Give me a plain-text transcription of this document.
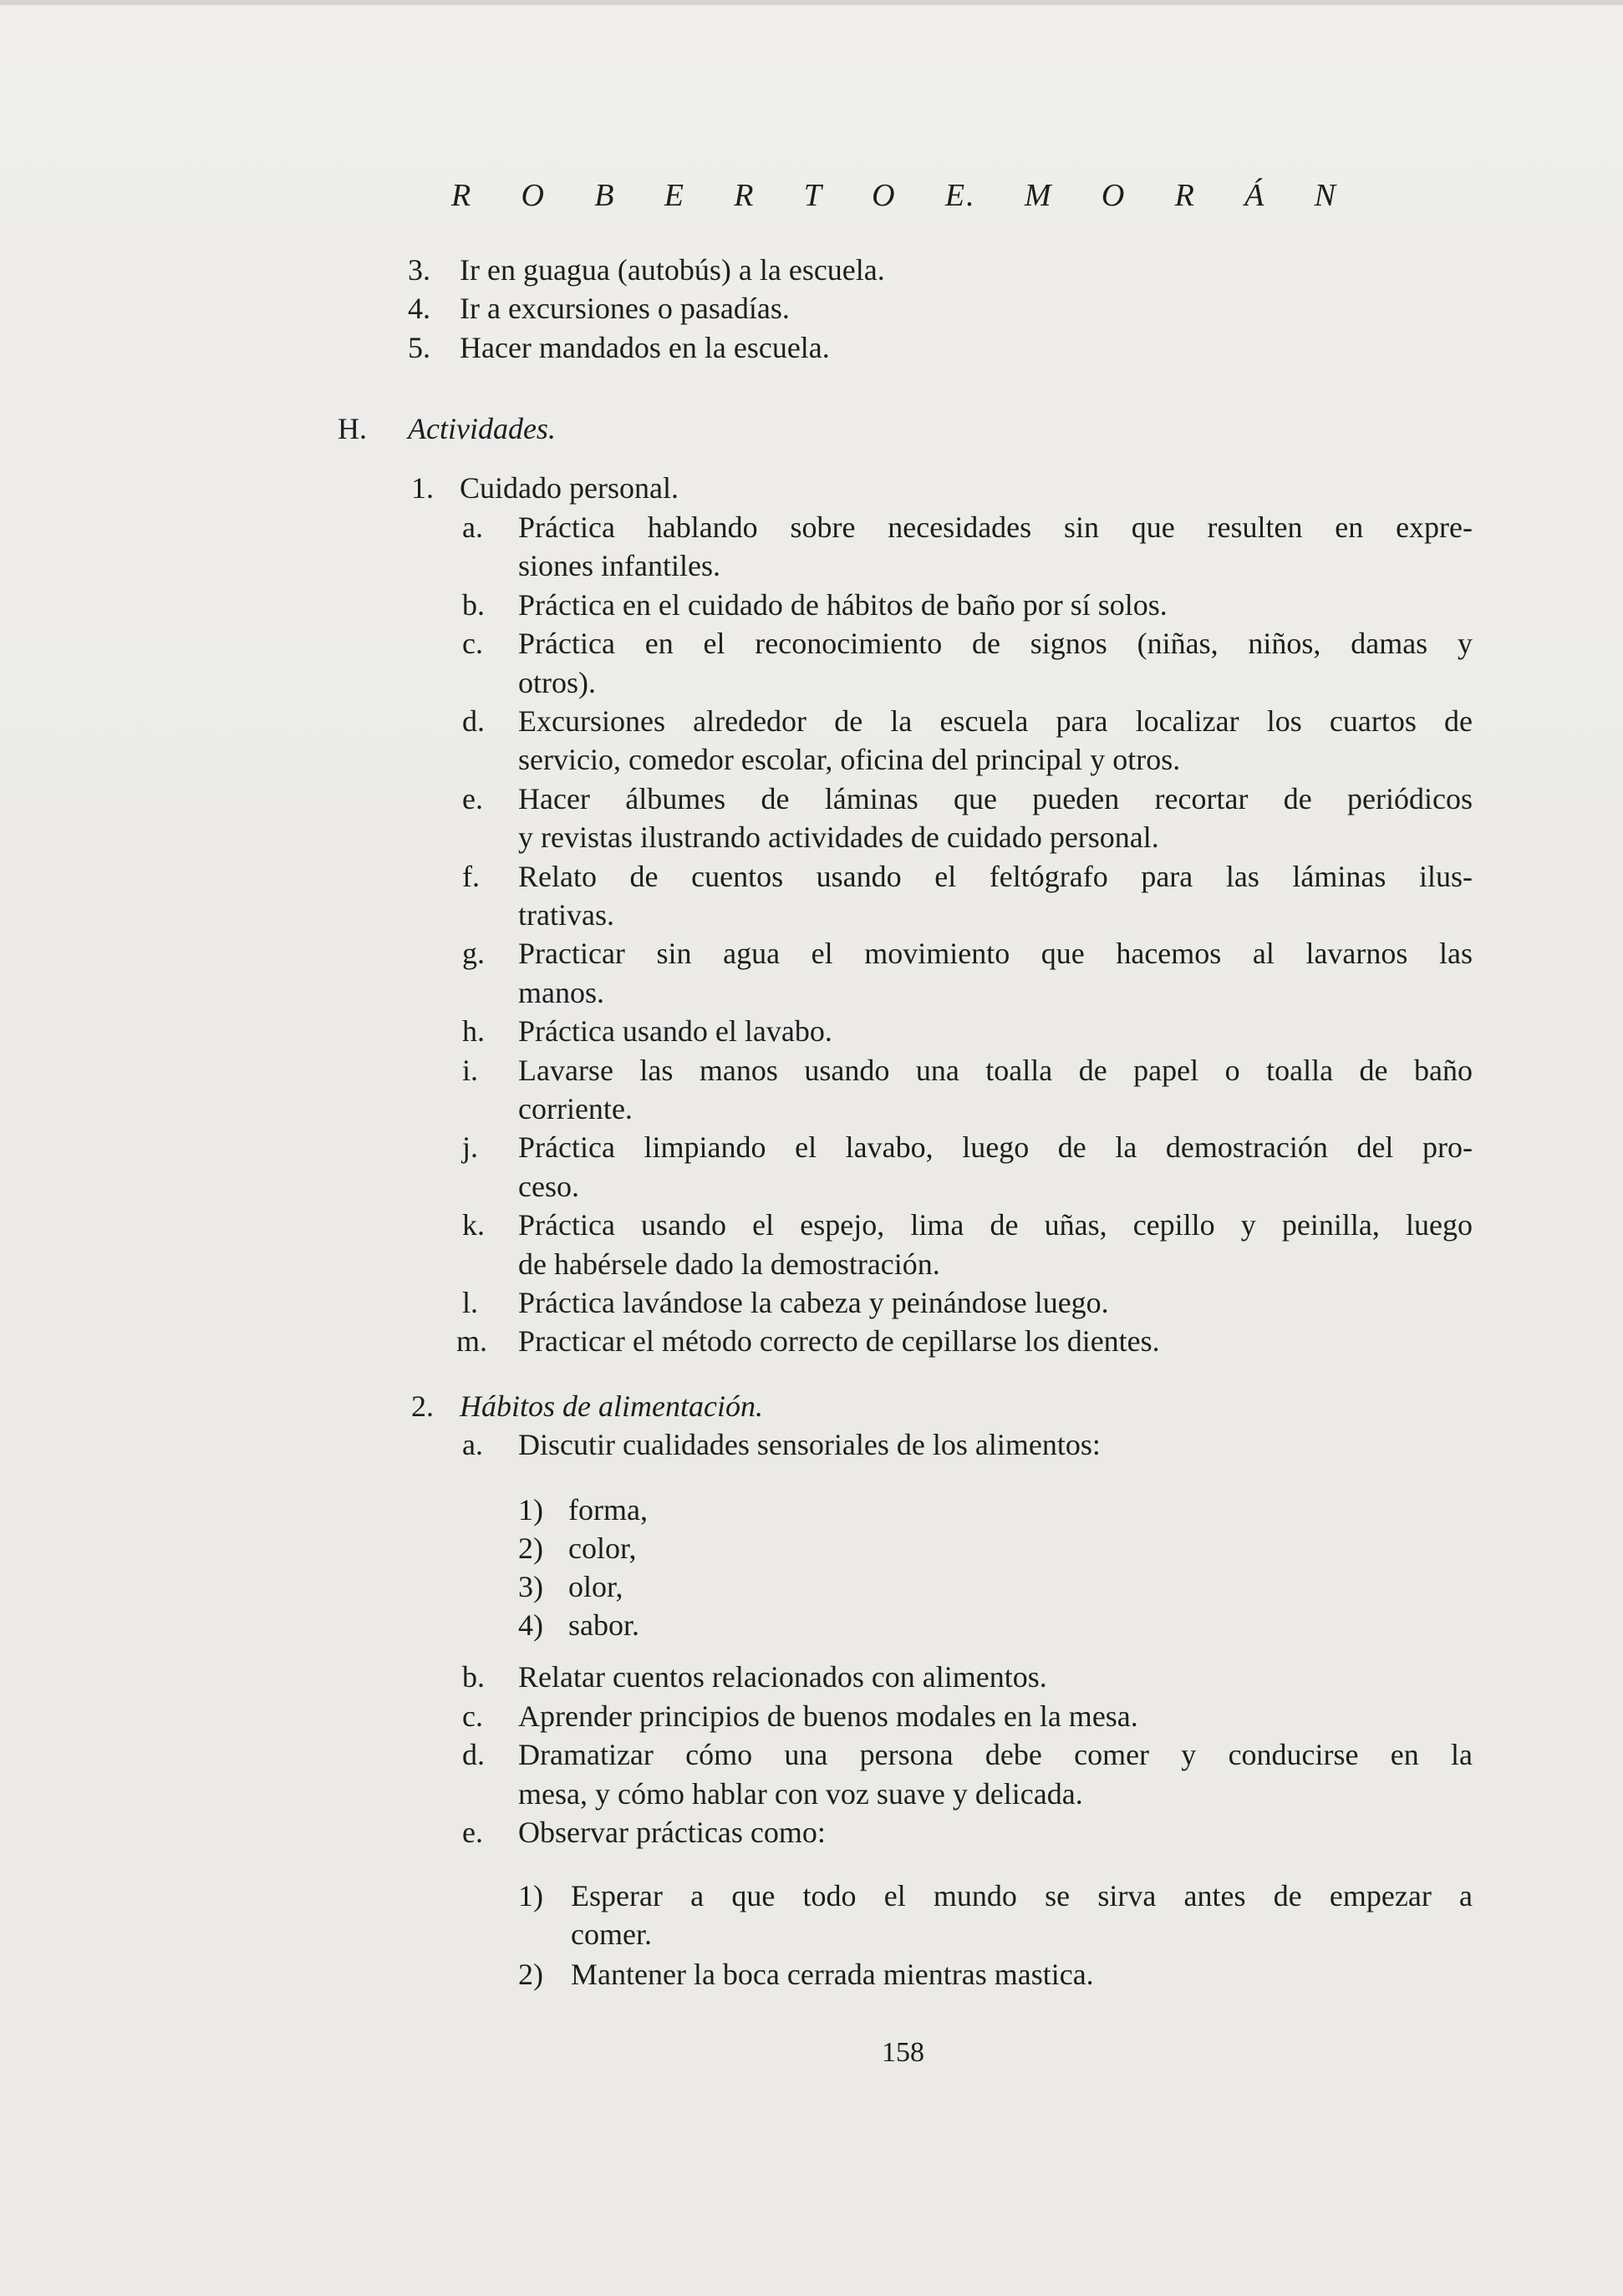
R O B E R T O E. M O R Á N
3. Ir en guagua (autobús) a la escuela.
4. Ir a excursiones o pasadías.
5. Hacer mandados en la escuela.
H. Actividades.
1. Cuidado personal.
a. Práctica hablando sobre necesidades sin que resulten en expre-
siones infantiles.
b. Práctica en el cuidado de hábitos de baño por sí solos.
c. Práctica en el reconocimiento de signos (niñas, niños, damas y
otros).
d. Excursiones alrededor de la escuela para localizar los cuartos de
servicio, comedor escolar, oficina del principal y otros.
e. Hacer álbumes de láminas que pueden recortar de periódicos
y revistas ilustrando actividades de cuidado personal.
f. Relato de cuentos usando el feltógrafo para las láminas ilus-
trativas.
g. Practicar sin agua el movimiento que hacemos al lavarnos las
manos.
h. Práctica usando el lavabo.
i. Lavarse las manos usando una toalla de papel o toalla de baño
corriente.
j. Práctica limpiando el lavabo, luego de la demostración del pro-
ceso.
k. Práctica usando el espejo, lima de uñas, cepillo y peinilla, luego
de habérsele dado la demostración.
l. Práctica lavándose la cabeza y peinándose luego.
m. Practicar el método correcto de cepillarse los dientes.
2. Hábitos de alimentación.
a. Discutir cualidades sensoriales de los alimentos:
1) forma,
2) color,
3) olor,
4) sabor.
b. Relatar cuentos relacionados con alimentos.
c. Aprender principios de buenos modales en la mesa.
d. Dramatizar cómo una persona debe comer y conducirse en la
mesa, y cómo hablar con voz suave y delicada.
e. Observar prácticas como:
1) Esperar a que todo el mundo se sirva antes de empezar a
comer.
2) Mantener la boca cerrada mientras mastica.
158
